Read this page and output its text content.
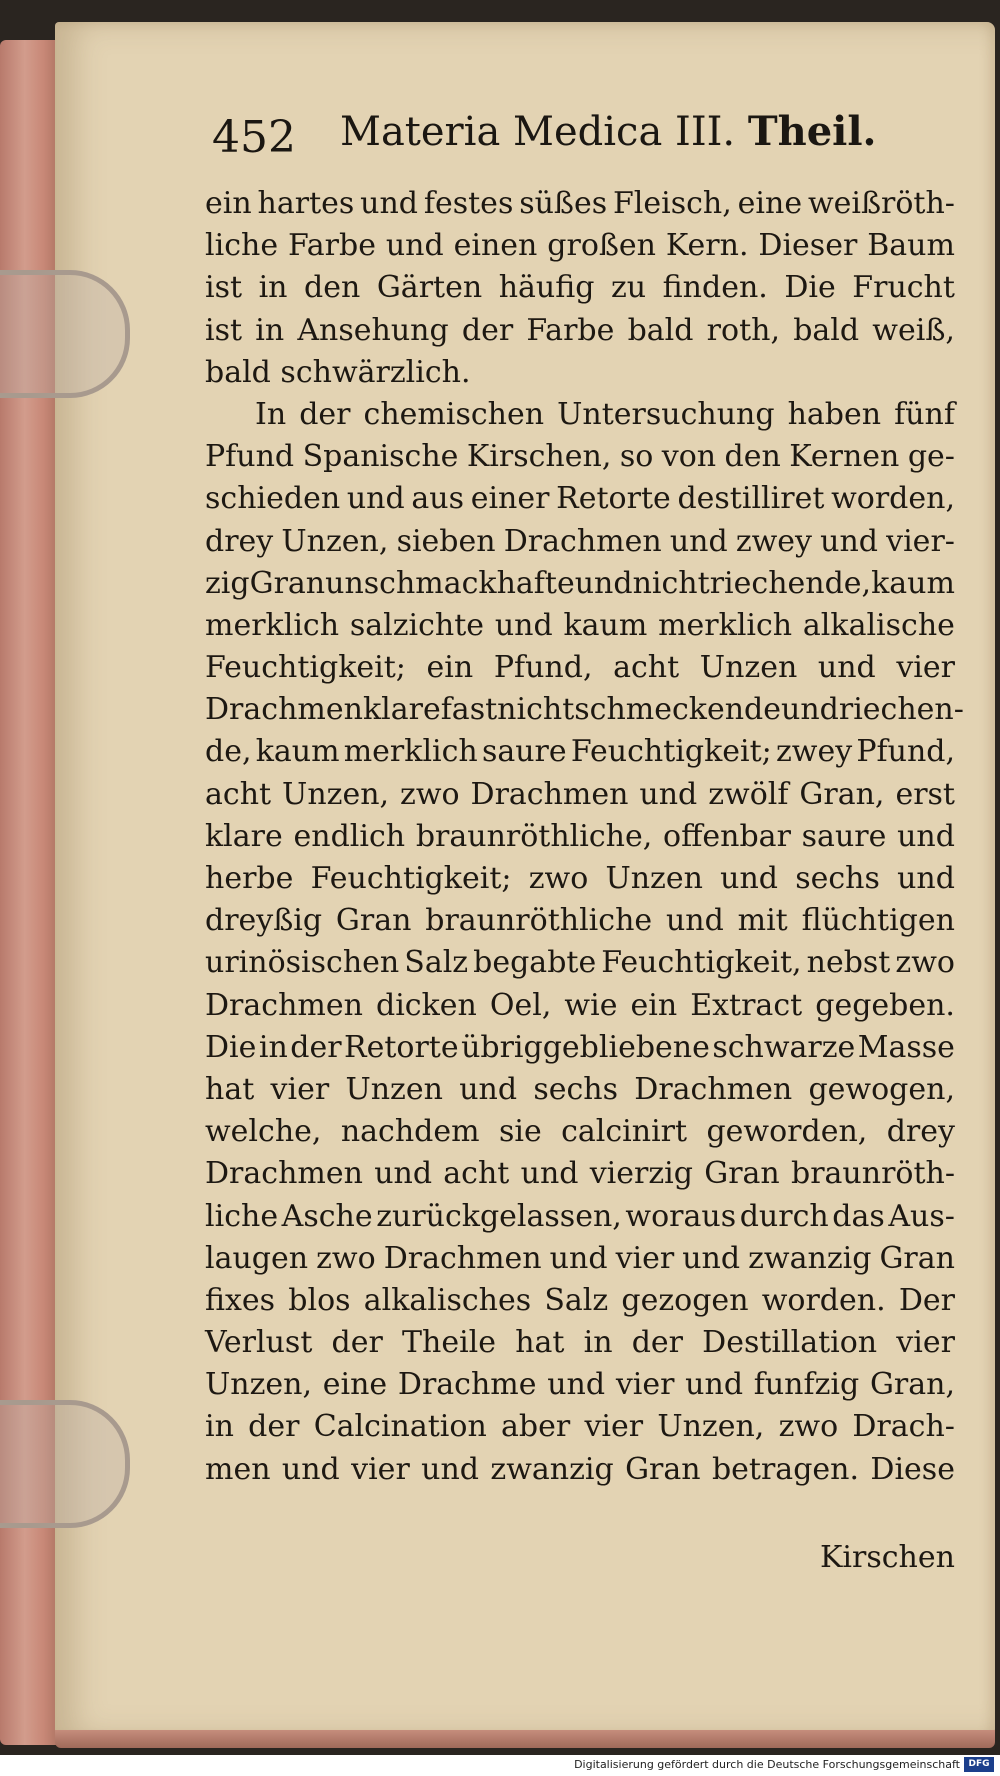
452 Materia Medica III. Theil.
ein hartes und festes süßes Fleisch, eine weißröth-
liche Farbe und einen großen Kern. Dieser Baum
ist in den Gärten häufig zu finden. Die Frucht
ist in Ansehung der Farbe bald roth, bald weiß,
bald schwärzlich.
In der chemischen Untersuchung haben fünf
Pfund Spanische Kirschen, so von den Kernen ge-
schieden und aus einer Retorte destilliret worden,
drey Unzen, sieben Drachmen und zwey und vier-
zig Gran unschmackhafte und nicht riechende, kaum
merklich salzichte und kaum merklich alkalische
Feuchtigkeit; ein Pfund, acht Unzen und vier
Drachmen klare fast nicht schmeckende und riechen-
de, kaum merklich saure Feuchtigkeit; zwey Pfund,
acht Unzen, zwo Drachmen und zwölf Gran, erst
klare endlich braunröthliche, offenbar saure und
herbe Feuchtigkeit; zwo Unzen und sechs und
dreyßig Gran braunröthliche und mit flüchtigen
urinösischen Salz begabte Feuchtigkeit, nebst zwo
Drachmen dicken Oel, wie ein Extract gegeben.
Die in der Retorte übriggebliebene schwarze Masse
hat vier Unzen und sechs Drachmen gewogen,
welche, nachdem sie calcinirt geworden, drey
Drachmen und acht und vierzig Gran braunröth-
liche Asche zurückgelassen, woraus durch das Aus-
laugen zwo Drachmen und vier und zwanzig Gran
fixes blos alkalisches Salz gezogen worden. Der
Verlust der Theile hat in der Destillation vier
Unzen, eine Drachme und vier und funfzig Gran,
in der Calcination aber vier Unzen, zwo Drach-
men und vier und zwanzig Gran betragen. Diese
Kirschen
Digitalisierung gefördert durch die Deutsche Forschungsgemeinschaft DFG
